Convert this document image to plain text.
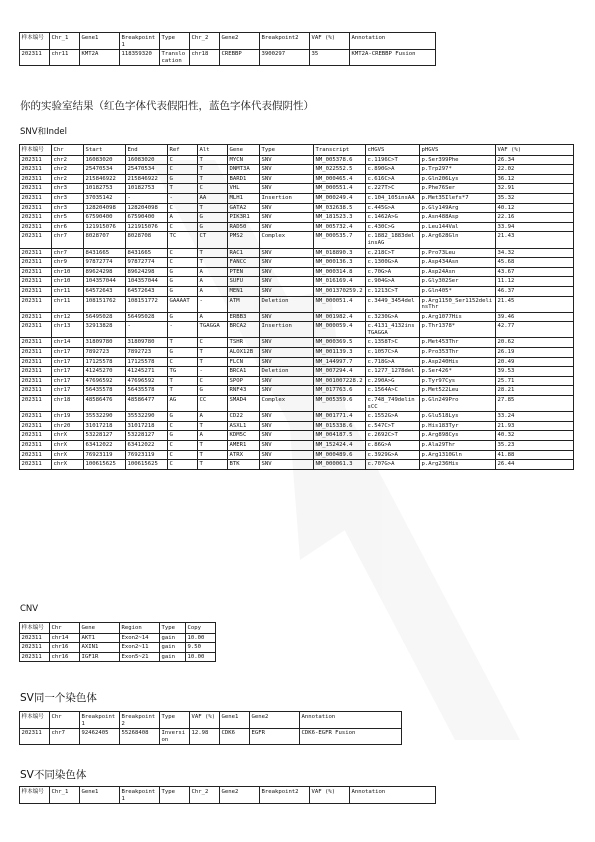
样本编号	Chr_1	Gene1	Breakpoint1	Type	Chr_2	Gene2	Breakpoint2	VAF (%)	Annotation
202311	chr11	KMT2A	118359320	Translocation	chr18	CREBBP	3900297	35	KMT2A-CREBBP Fusion
你的实验室结果（红色字体代表假阳性，蓝色字体代表假阴性）
SNV和Indel
样本编号	Chr	Start	End	Ref	Alt	Gene	Type	Transcript	cHGVS	pHGVS	VAF (%)
202311	chr2	16083020	16083020	C	T	MYCN	SNV	NM_005378.6	c.1196C>T	p.Ser399Phe	26.34
202311	chr2	25470534	25470534	C	T	DNMT3A	SNV	NM_022552.5	c.890G>A	p.Trp297*	22.02
202311	chr2	215846922	215846922	G	T	BARD1	SNV	NM_000465.4	c.616C>A	p.Gln206Lys	36.12
202311	chr3	10182753	10182753	T	C	VHL	SNV	NM_000551.4	c.227T>C	p.Phe76Ser	32.91
202311	chr3	37035142	-	-	AA	MLH1	Insertion	NM_000249.4	c.104_105insAA	p.Met35Ilefs*7	35.32
202311	chr3	128204098	128204098	C	T	GATA2	SNV	NM_032638.5	c.445G>A	p.Gly149Arg	40.12
202311	chr5	67590400	67590400	A	G	PIK3R1	SNV	NM_181523.3	c.1462A>G	p.Asn488Asp	22.16
202311	chr6	121915076	121915076	C	G	RAD50	SNV	NM_005732.4	c.430C>G	p.Leu144Val	33.94
202311	chr7	8028707	8028708	TC	CT	PMS2	Complex	NM_000535.7	c.1882_1883delinsAG	p.Arg628Gln	21.43
202311	chr7	8431665	8431665	C	T	RAC1	SNV	NM_018890.3	c.218C>T	p.Pro73Leu	34.32
202311	chr9	97872774	97872774	C	T	FANCC	SNV	NM_000136.3	c.1300G>A	p.Asp434Asn	45.68
202311	chr10	89624298	89624298	G	A	PTEN	SNV	NM_000314.8	c.70G>A	p.Asp24Asn	43.67
202311	chr10	104357044	104357044	G	A	SUFU	SNV	NM_016169.4	c.904G>A	p.Gly302Ser	11.12
202311	chr11	64572643	64572643	G	A	MEN1	SNV	NM_001370259.2	c.1213C>T	p.Gln405*	46.37
202311	chr11	108151762	108151772	GAAAAT	-	ATM	Deletion	NM_000051.4	c.3449_3454del	p.Arg1150_Ser1152delinsThr	21.45
202311	chr12	56495028	56495028	G	A	ERBB3	SNV	NM_001982.4	c.3230G>A	p.Arg1077His	39.46
202311	chr13	32913828	-	-	TGAGGA	BRCA2	Insertion	NM_000059.4	c.4131_4132insTGAGGA	p.Thr1378*	42.77
202311	chr14	31809780	31809780	T	C	TSHR	SNV	NM_000369.5	c.1358T>C	p.Met453Thr	20.62
202311	chr17	7892723	7892723	G	T	ALOX12B	SNV	NM_001139.3	c.1057C>A	p.Pro353Thr	26.19
202311	chr17	17125578	17125578	C	T	FLCN	SNV	NM_144997.7	c.718G>A	p.Asp240His	20.49
202311	chr17	41245270	41245271	TG	-	BRCA1	Deletion	NM_007294.4	c.1277_1278del	p.Ser426*	39.53
202311	chr17	47696592	47696592	T	C	SPOP	SNV	NM_001007228.2	c.290A>G	p.Tyr97Cys	25.71
202311	chr17	56435578	56435578	T	G	RNF43	SNV	NM_017763.6	c.1564A>C	p.Met522Leu	28.21
202311	chr18	48586476	48586477	AG	CC	SMAD4	Complex	NM_005359.6	c.748_749delinsCC	p.Gln249Pro	27.85
202311	chr19	35532290	35532290	G	A	CD22	SNV	NM_001771.4	c.1552G>A	p.Glu518Lys	33.24
202311	chr20	31017218	31017218	C	T	ASXL1	SNV	NM_015338.6	c.547C>T	p.His183Tyr	21.93
202311	chrX	53228127	53228127	G	A	KDM5C	SNV	NM_004187.5	c.2692C>T	p.Arg898Cys	40.32
202311	chrX	63412022	63412022	C	T	AMER1	SNV	NM_152424.4	c.86G>A	p.Ala29Thr	35.23
202311	chrX	76923119	76923119	C	T	ATRX	SNV	NM_000489.6	c.3929G>A	p.Arg1310Gln	41.88
202311	chrX	100615625	100615625	C	T	BTK	SNV	NM_000061.3	c.707G>A	p.Arg236His	26.44
CNV
样本编号	Chr	Gene	Region	Type	Copy
202311	chr14	AKT1	Exon2~14	gain	10.00
202311	chr16	AXIN1	Exon2~11	gain	9.50
202311	chr16	IGF1R	Exon5~21	gain	10.00
SV同一个染色体
样本编号	Chr	Breakpoint1	Breakpoint2	Type	VAF (%)	Gene1	Gene2	Annotation
202311	chr7	92462405	55268408	Inversion	12.98	CDK6	EGFR	CDK6-EGFR Fusion
SV不同染色体
样本编号	Chr_1	Gene1	Breakpoint1	Type	Chr_2	Gene2	Breakpoint2	VAF (%)	Annotation
